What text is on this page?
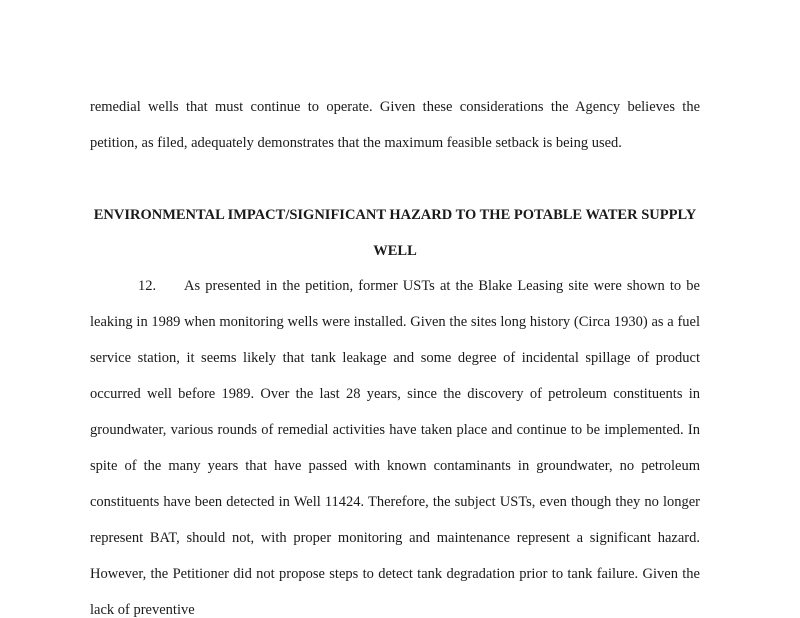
remedial wells that must continue to operate. Given these considerations the Agency believes the petition, as filed, adequately demonstrates that the maximum feasible setback is being used.
ENVIRONMENTAL IMPACT/SIGNIFICANT HAZARD TO THE POTABLE WATER SUPPLY WELL
12. As presented in the petition, former USTs at the Blake Leasing site were shown to be leaking in 1989 when monitoring wells were installed. Given the sites long history (Circa 1930) as a fuel service station, it seems likely that tank leakage and some degree of incidental spillage of product occurred well before 1989. Over the last 28 years, since the discovery of petroleum constituents in groundwater, various rounds of remedial activities have taken place and continue to be implemented. In spite of the many years that have passed with known contaminants in groundwater, no petroleum constituents have been detected in Well 11424. Therefore, the subject USTs, even though they no longer represent BAT, should not, with proper monitoring and maintenance represent a significant hazard. However, the Petitioner did not propose steps to detect tank degradation prior to tank failure. Given the lack of preventive
